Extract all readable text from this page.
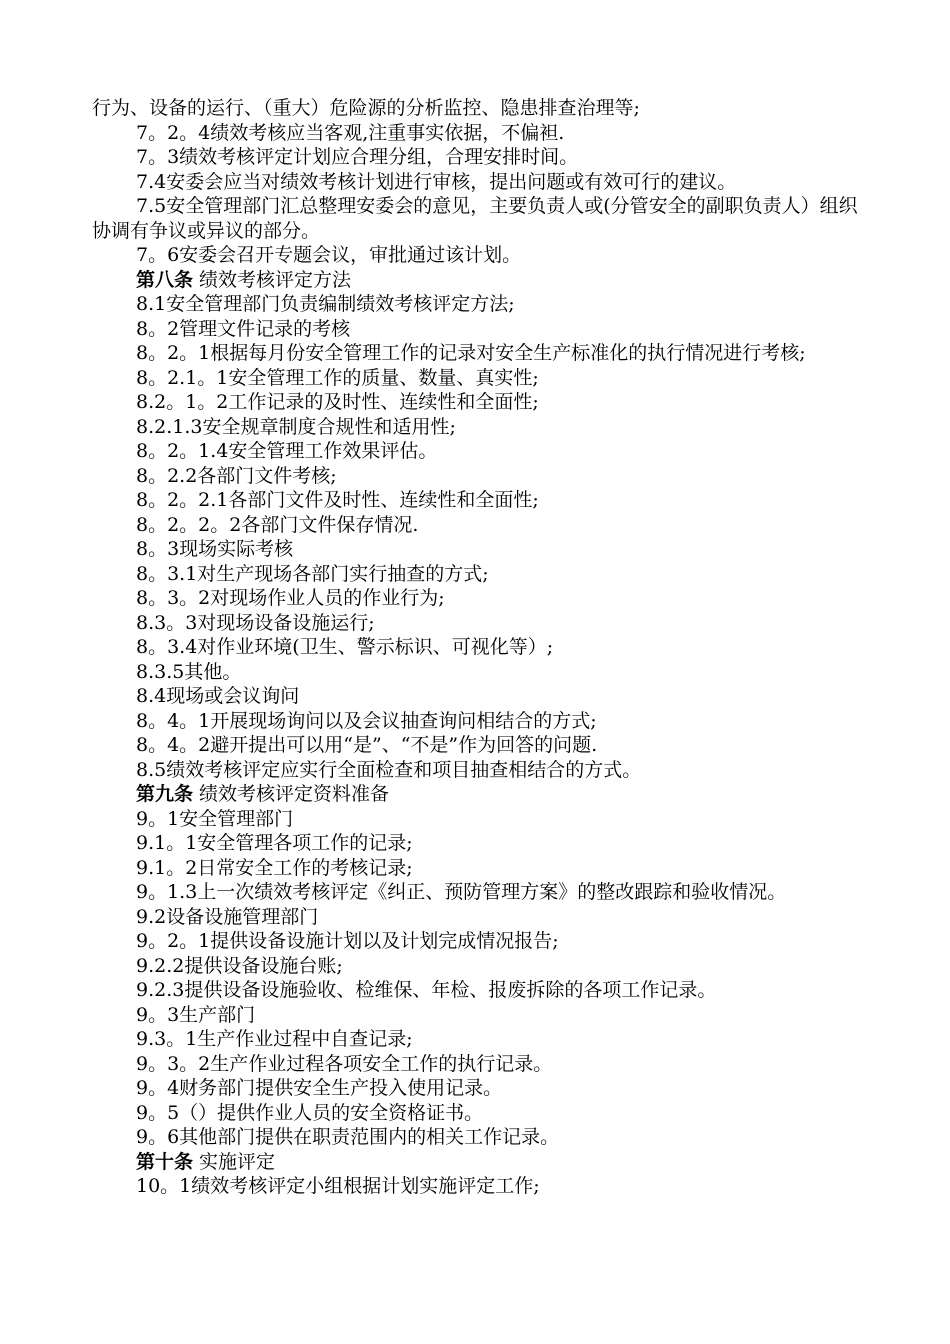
行为、设备的运行、（重大）危险源的分析监控、隐患排查治理等;

7。2。4绩效考核应当客观,注重事实依据，不偏袒.

7。3绩效考核评定计划应合理分组，合理安排时间。

7.4安委会应当对绩效考核计划进行审核，提出问题或有效可行的建议。

7.5安全管理部门汇总整理安委会的意见，主要负责人或(分管安全的副职负责人）组织协调有争议或异议的部分。

7。6安委会召开专题会议，审批通过该计划。

第八条 绩效考核评定方法

8.1安全管理部门负责编制绩效考核评定方法;

8。2管理文件记录的考核

8。2。1根据每月份安全管理工作的记录对安全生产标准化的执行情况进行考核;

8。2.1。1安全管理工作的质量、数量、真实性;

8.2。1。2工作记录的及时性、连续性和全面性;

8.2.1.3安全规章制度合规性和适用性;

8。2。1.4安全管理工作效果评估。

8。2.2各部门文件考核;

8。2。2.1各部门文件及时性、连续性和全面性;

8。2。2。2各部门文件保存情况.

8。3现场实际考核

8。3.1对生产现场各部门实行抽查的方式;

8。3。2对现场作业人员的作业行为;

8.3。3对现场设备设施运行;

8。3.4对作业环境(卫生、警示标识、可视化等）;

8.3.5其他。

8.4现场或会议询问

8。4。1开展现场询问以及会议抽查询问相结合的方式;

8。4。2避开提出可以用“是”、“不是”作为回答的问题.

8.5绩效考核评定应实行全面检查和项目抽查相结合的方式。

第九条 绩效考核评定资料准备

9。1安全管理部门

9.1。1安全管理各项工作的记录;

9.1。2日常安全工作的考核记录;

9。1.3上一次绩效考核评定《纠正、预防管理方案》的整改跟踪和验收情况。

9.2设备设施管理部门

9。2。1提供设备设施计划以及计划完成情况报告;

9.2.2提供设备设施台账;

9.2.3提供设备设施验收、检维保、年检、报废拆除的各项工作记录。

9。3生产部门

9.3。1生产作业过程中自查记录;

9。3。2生产作业过程各项安全工作的执行记录。

9。4财务部门提供安全生产投入使用记录。

9。5（）提供作业人员的安全资格证书。

9。6其他部门提供在职责范围内的相关工作记录。

第十条 实施评定

10。1绩效考核评定小组根据计划实施评定工作;
